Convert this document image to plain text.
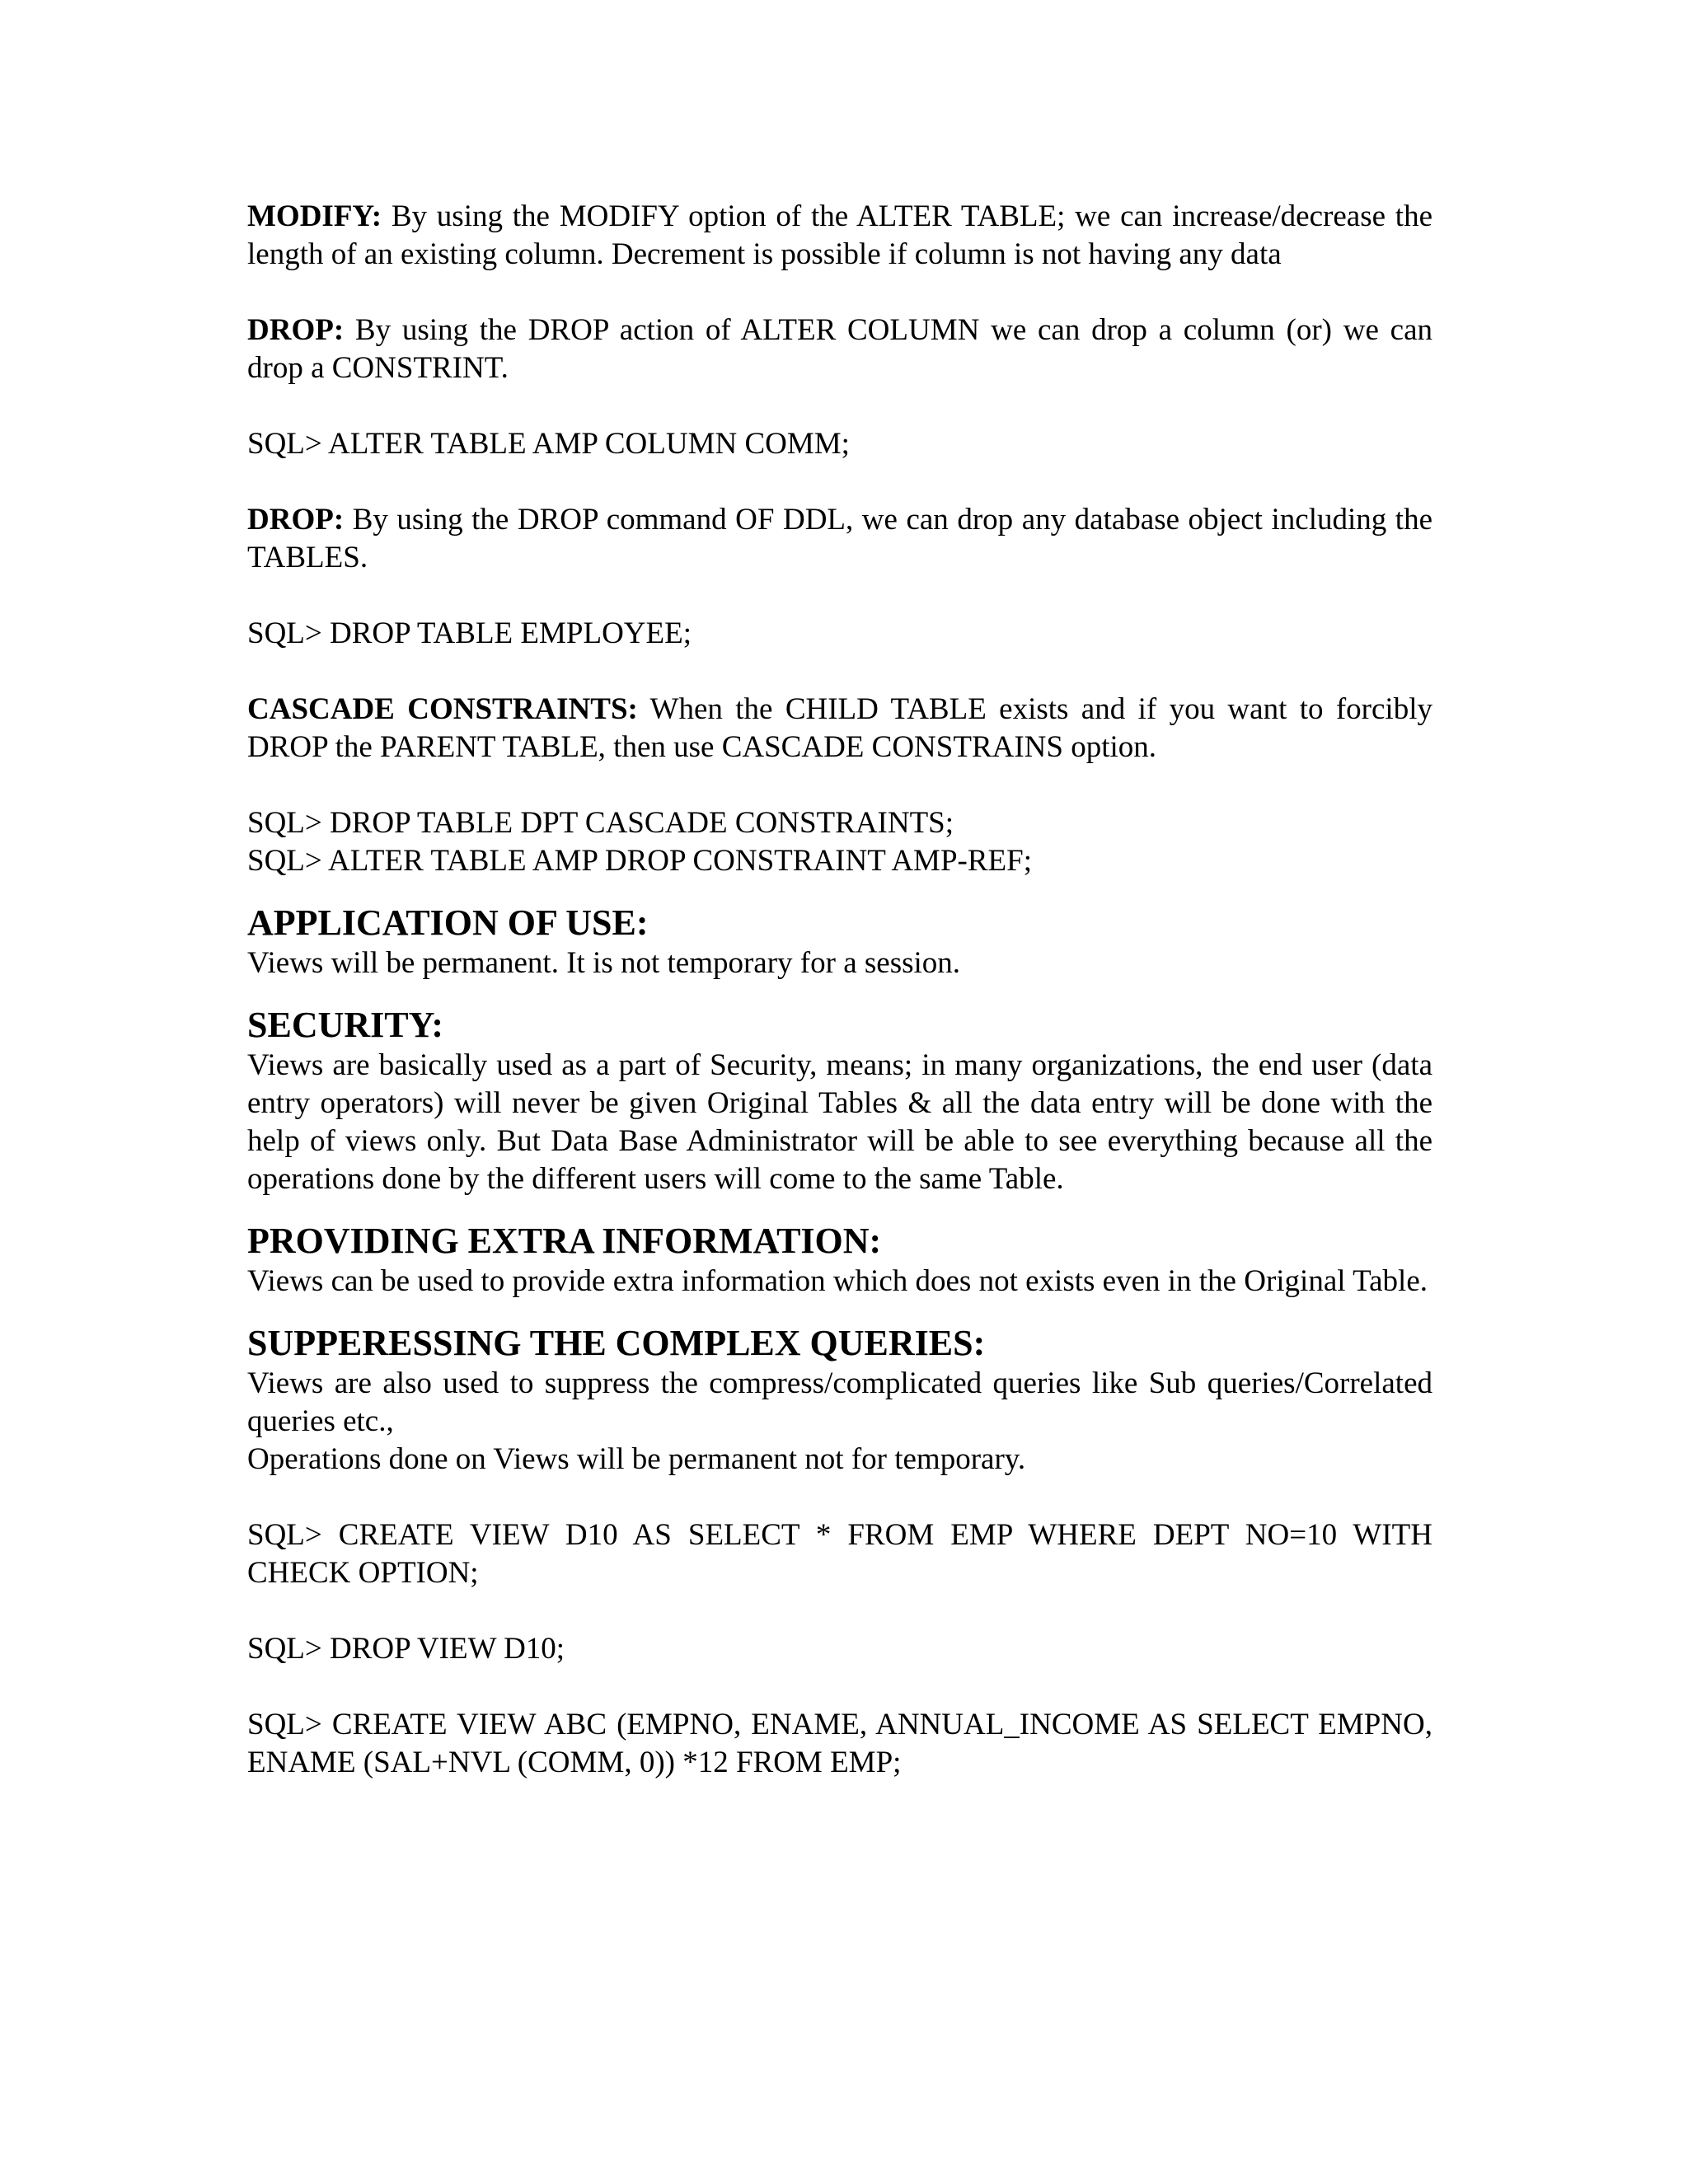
MODIFY: By using the MODIFY option of the ALTER TABLE; we can increase/decrease the length of an existing column. Decrement is possible if column is not having any data

DROP: By using the DROP action of ALTER COLUMN we can drop a column (or) we can drop a CONSTRINT.

SQL> ALTER TABLE AMP COLUMN COMM;

DROP: By using the DROP command OF DDL, we can drop any database object including the TABLES.

SQL> DROP TABLE EMPLOYEE;

CASCADE CONSTRAINTS: When the CHILD TABLE exists and if you want to forcibly DROP the PARENT TABLE, then use CASCADE CONSTRAINS option.

SQL> DROP TABLE DPT CASCADE CONSTRAINTS;
SQL> ALTER TABLE AMP DROP CONSTRAINT AMP-REF;
APPLICATION OF USE:

Views will be permanent. It is not temporary for a session.

SECURITY:

Views are basically used as a part of Security, means; in many organizations, the end user (data entry operators) will never be given Original Tables & all the data entry will be done with the help of views only. But Data Base Administrator will be able to see everything because all the operations done by the different users will come to the same Table.

PROVIDING EXTRA INFORMATION:

Views can be used to provide extra information which does not exists even in the Original Table.

SUPPERESSING THE COMPLEX QUERIES:

Views are also used to suppress the compress/complicated queries like Sub queries/Correlated queries etc.,

Operations done on Views will be permanent not for temporary.

SQL> CREATE VIEW D10 AS SELECT * FROM EMP WHERE DEPT NO=10 WITH CHECK OPTION;

SQL> DROP VIEW D10;

SQL> CREATE VIEW ABC (EMPNO, ENAME, ANNUAL_INCOME AS SELECT EMPNO, ENAME (SAL+NVL (COMM, 0)) *12 FROM EMP;
